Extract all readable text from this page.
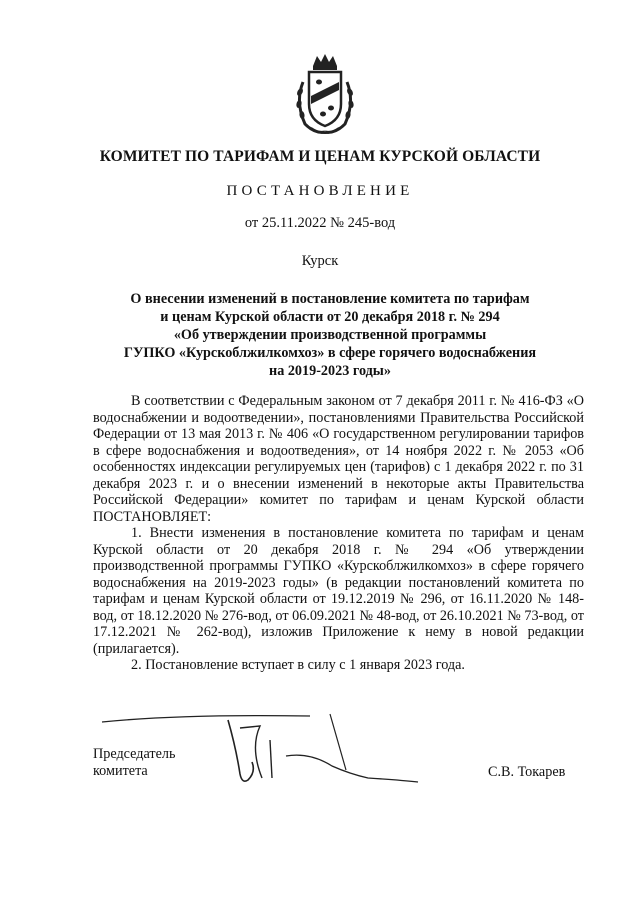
КОМИТЕТ ПО ТАРИФАМ И ЦЕНАМ КУРСКОЙ ОБЛАСТИ
ПОСТАНОВЛЕНИЕ
от 25.11.2022 № 245-вод
Курск
О внесении изменений в постановление комитета по тарифам
и ценам Курской области от 20 декабря 2018 г. № 294
«Об утверждении производственной программы
ГУПКО «Курскоблжилкомхоз» в сфере горячего водоснабжения
на 2019-2023 годы»

В соответствии с Федеральным законом от 7 декабря 2011 г. № 416-ФЗ «О водоснабжении и водоотведении», постановлениями Правительства Российской Федерации от 13 мая 2013 г. № 406 «О государственном регулировании тарифов в сфере водоснабжения и водоотведения», от 14 ноября 2022 г. № 2053 «Об особенностях индексации регулируемых цен (тарифов) с 1 декабря 2022 г. по 31 декабря 2023 г. и о внесении изменений в некоторые акты Правительства Российской Федерации» комитет по тарифам и ценам Курской области ПОСТАНОВЛЯЕТ:

1. Внести изменения в постановление комитета по тарифам и ценам Курской области от 20 декабря 2018 г. № 294 «Об утверждении производственной программы ГУПКО «Курскоблжилкомхоз» в сфере горячего водоснабжения на 2019-2023 годы» (в редакции постановлений комитета по тарифам и ценам Курской области от 19.12.2019 № 296, от 16.11.2020 № 148-вод, от 18.12.2020 № 276-вод, от 06.09.2021 № 48-вод, от 26.10.2021 № 73-вод, от 17.12.2021 № 262-вод), изложив Приложение к нему в новой редакции (прилагается).

2. Постановление вступает в силу с 1 января 2023 года.

Председатель
комитета	С.В. Токарев
